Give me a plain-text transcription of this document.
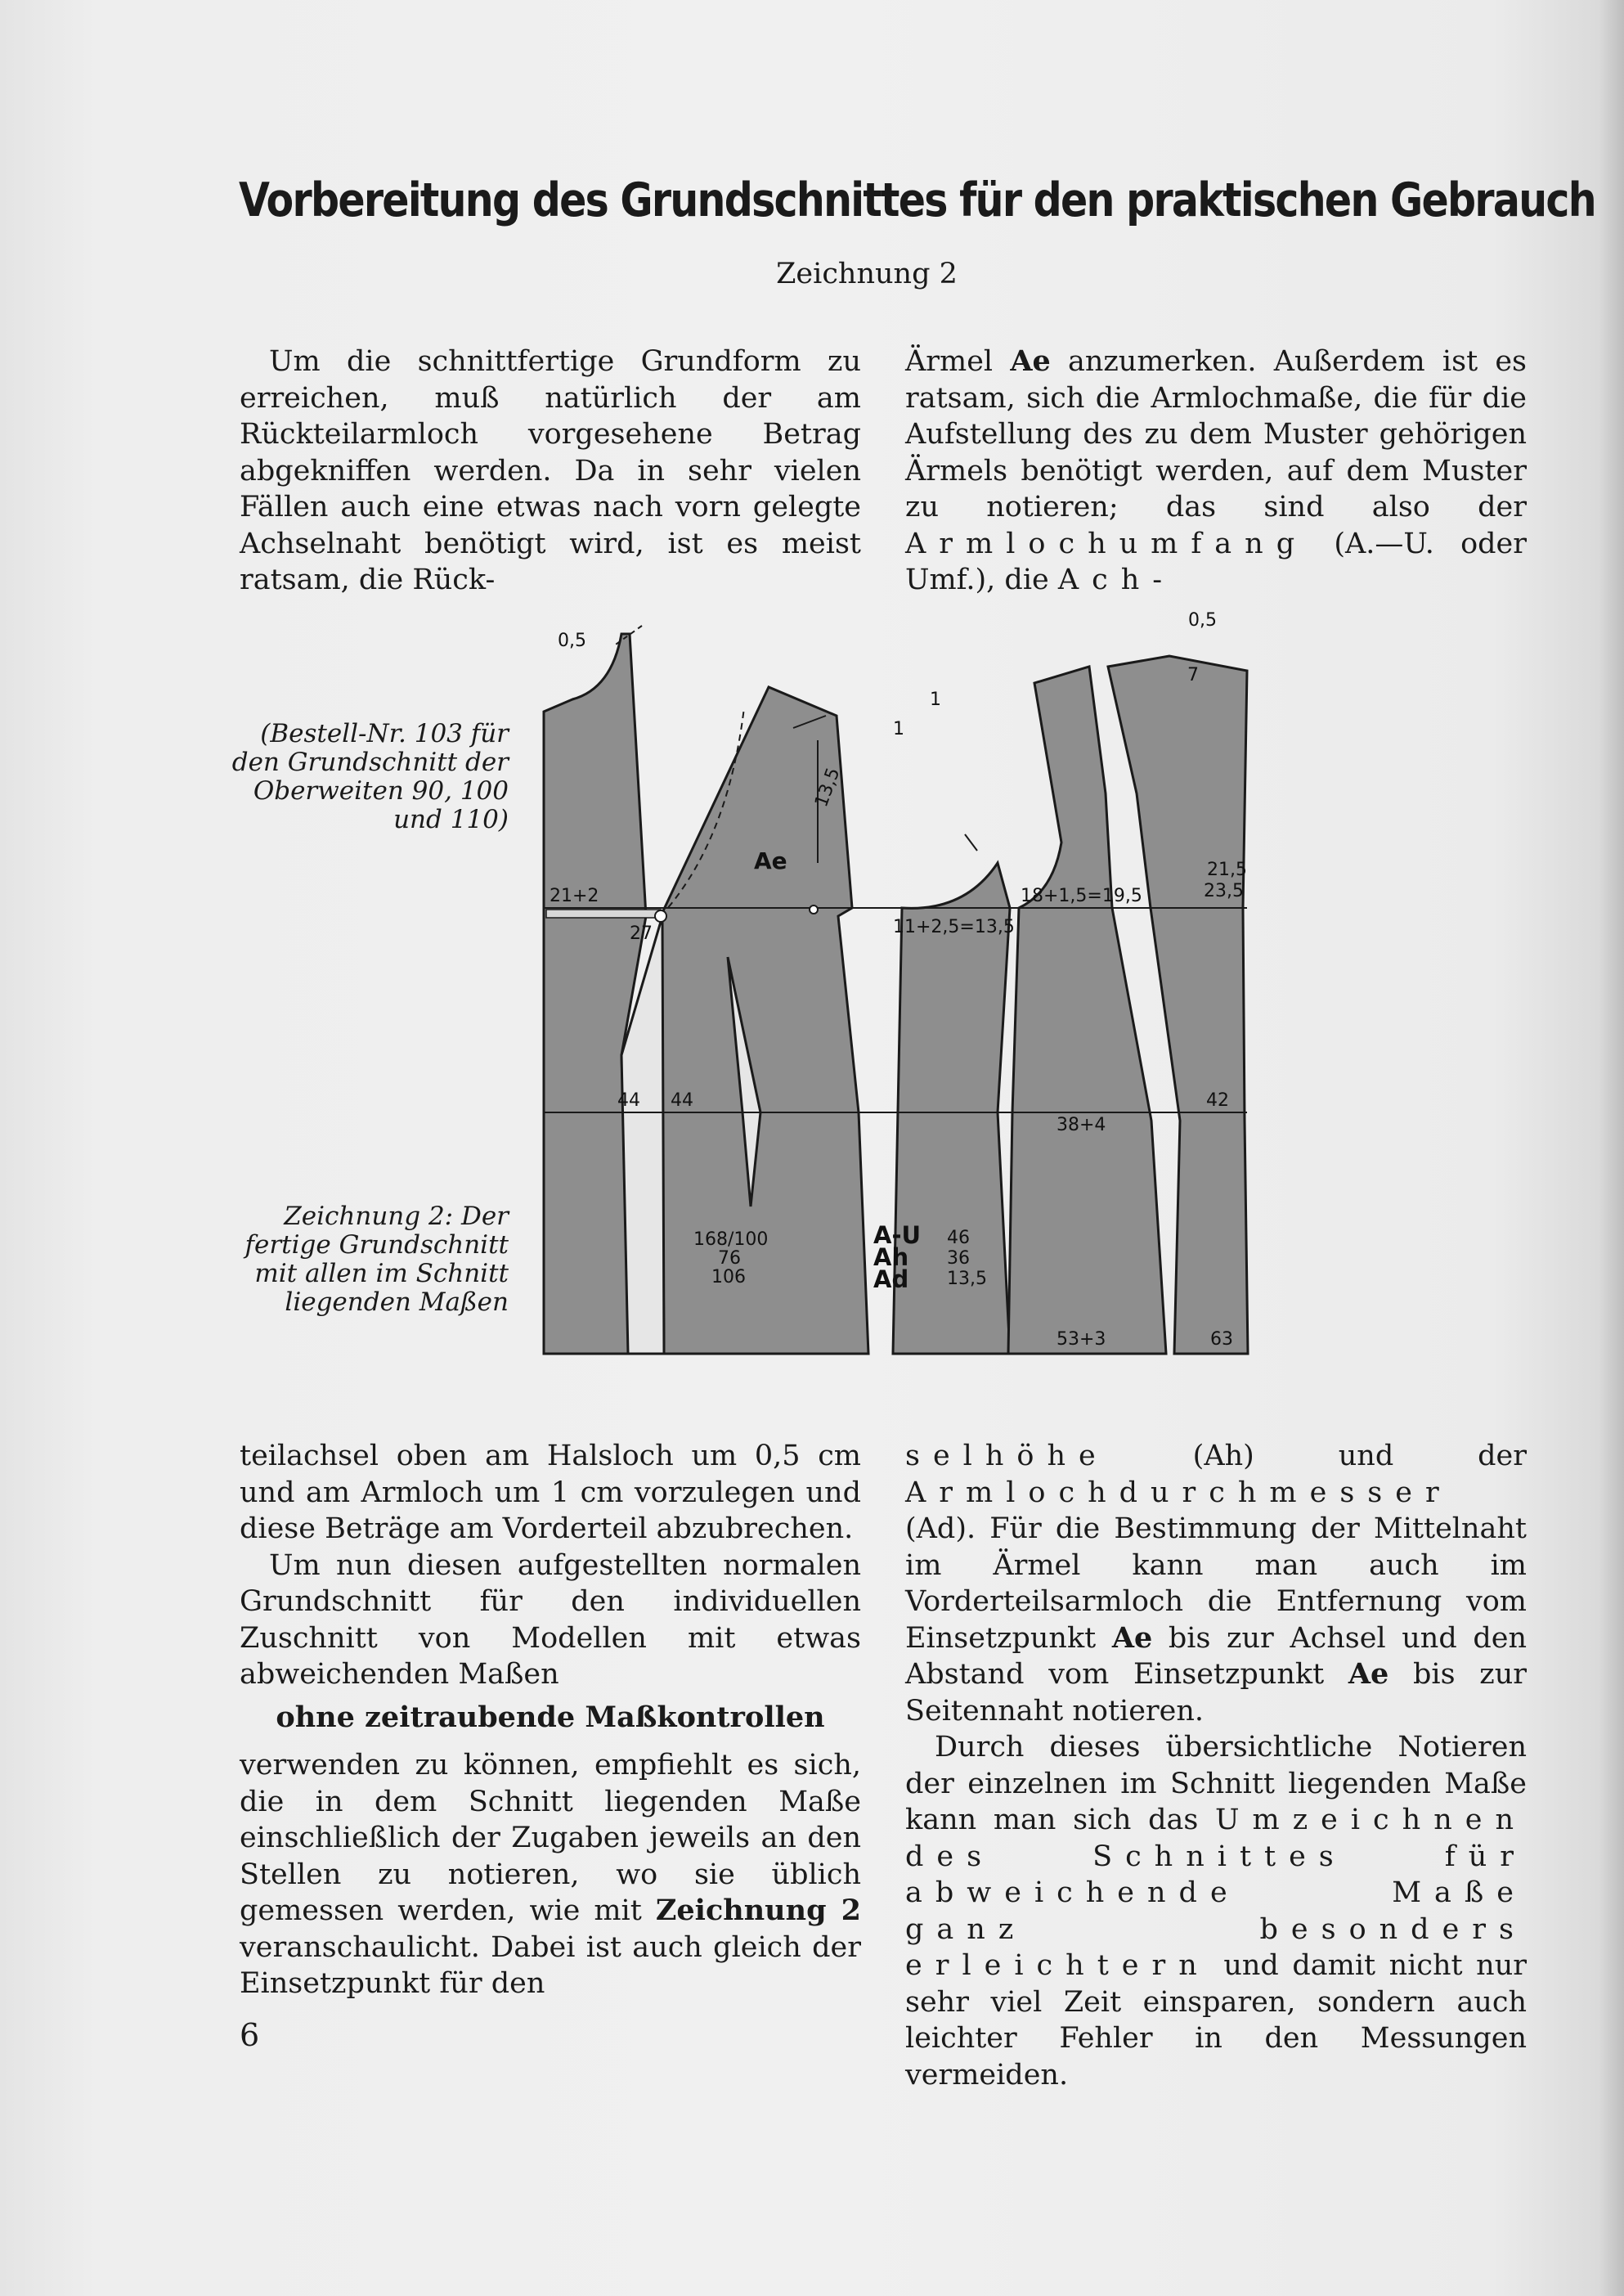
Vorbereitung des Grundschnittes für den praktischen Gebrauch
Zeichnung 2

Um die schnittfertige Grundform zu erreichen, muß natürlich der am Rückteilarmloch vorgesehene Betrag abgekniffen werden. Da in sehr vielen Fällen auch eine etwas nach vorn gelegte Achselnaht benötigt wird, ist es meist ratsam, die Rück-

Ärmel Ae anzumerken. Außerdem ist es ratsam, sich die Armlochmaße, die für die Aufstellung des zu dem Muster gehörigen Ärmels benötigt werden, auf dem Muster zu notieren; das sind also der Armlochumfang (A.—U. oder Umf.), die Ach-

(Bestell-Nr. 103 für den Grundschnitt der Oberweiten 90, 100 und 110)
Zeichnung 2: Der fertige Grundschnitt mit allen im Schnitt liegenden Maßen
0,5
0,5
1
1
13,5
Ae
21+2
27
18+1,5=19,5
11+2,5=13,5
21,5
23,5
7
44 44
38+4
42
168/100
76
106
A-U 46
Ah 36
Ad 13,5
53+3	63

teilachsel oben am Halsloch um 0,5 cm und am Armloch um 1 cm vorzulegen und diese Beträge am Vorderteil abzubrechen.

Um nun diesen aufgestellten normalen Grundschnitt für den individuellen Zuschnitt von Modellen mit etwas abweichenden Maßen

ohne zeitraubende Maßkontrollen

verwenden zu können, empfiehlt es sich, die in dem Schnitt liegenden Maße einschließlich der Zugaben jeweils an den Stellen zu notieren, wo sie üblich gemessen werden, wie mit Zeichnung 2 veranschaulicht. Dabei ist auch gleich der Einsetzpunkt für den

selhöhe (Ah) und der Armlochdurchmesser (Ad). Für die Bestimmung der Mittelnaht im Ärmel kann man auch im Vorderteilsarmloch die Entfernung vom Einsetzpunkt Ae bis zur Achsel und den Abstand vom Einsetzpunkt Ae bis zur Seitennaht notieren.

Durch dieses übersichtliche Notieren der einzelnen im Schnitt liegenden Maße kann man sich das Umzeichnen des Schnittes für abweichende Maße ganz besonders erleichtern und damit nicht nur sehr viel Zeit einsparen, sondern auch leichter Fehler in den Messungen vermeiden.

6
